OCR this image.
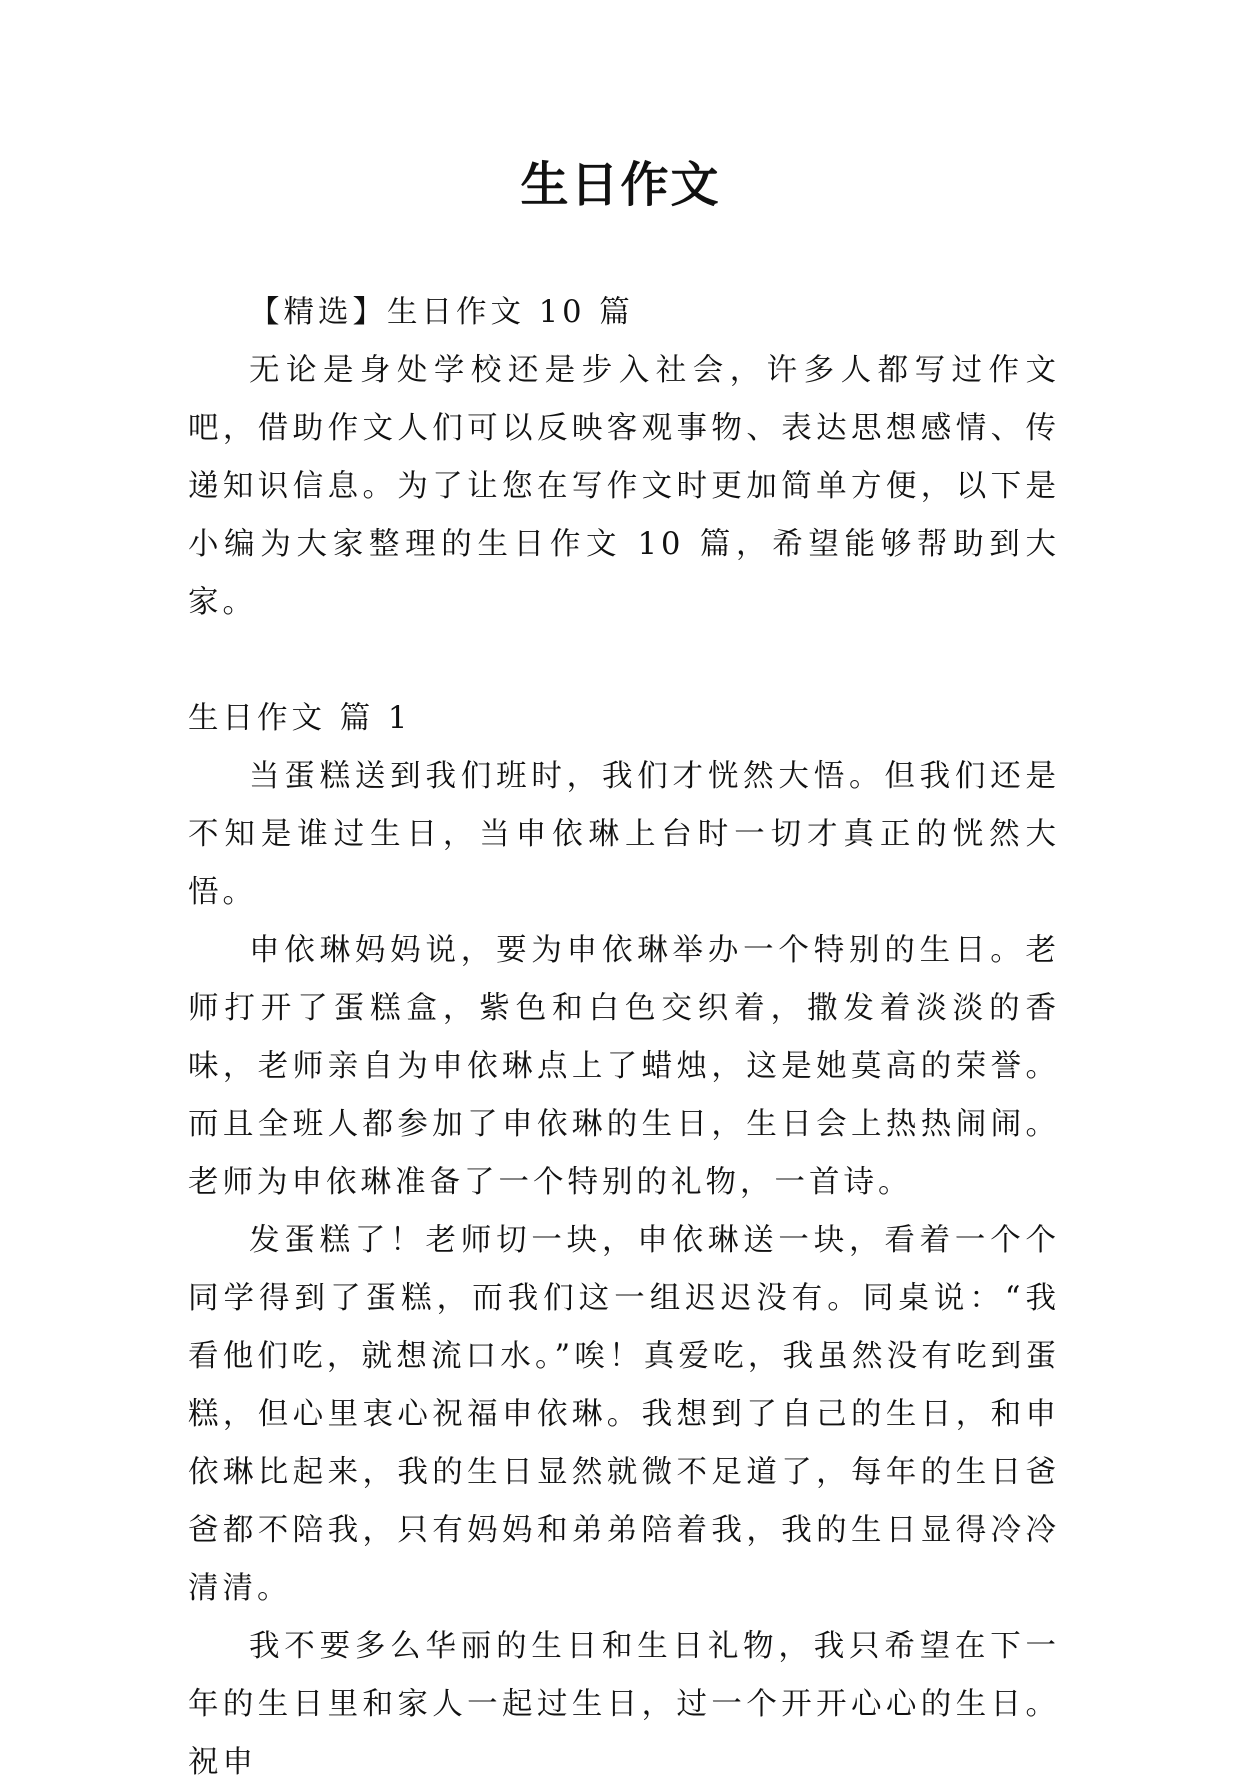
生日作文

【精选】生日作文 10 篇

无论是身处学校还是步入社会，许多人都写过作文吧，借助作文人们可以反映客观事物、表达思想感情、传递知识信息。为了让您在写作文时更加简单方便，以下是小编为大家整理的生日作文 10 篇，希望能够帮助到大家。

生日作文 篇 1

当蛋糕送到我们班时，我们才恍然大悟。但我们还是不知是谁过生日，当申依琳上台时一切才真正的恍然大悟。

申依琳妈妈说，要为申依琳举办一个特别的生日。老师打开了蛋糕盒，紫色和白色交织着，撒发着淡淡的香味，老师亲自为申依琳点上了蜡烛，这是她莫高的荣誉。而且全班人都参加了申依琳的生日，生日会上热热闹闹。老师为申依琳准备了一个特别的礼物，一首诗。

发蛋糕了！老师切一块，申依琳送一块，看着一个个同学得到了蛋糕，而我们这一组迟迟没有。同桌说：“我看他们吃，就想流口水。”唉！真爱吃，我虽然没有吃到蛋糕，但心里衷心祝福申依琳。我想到了自己的生日，和申依琳比起来，我的生日显然就微不足道了，每年的生日爸爸都不陪我，只有妈妈和弟弟陪着我，我的生日显得冷冷清清。

我不要多么华丽的生日和生日礼物，我只希望在下一年的生日里和家人一起过生日，过一个开开心心的生日。祝申
